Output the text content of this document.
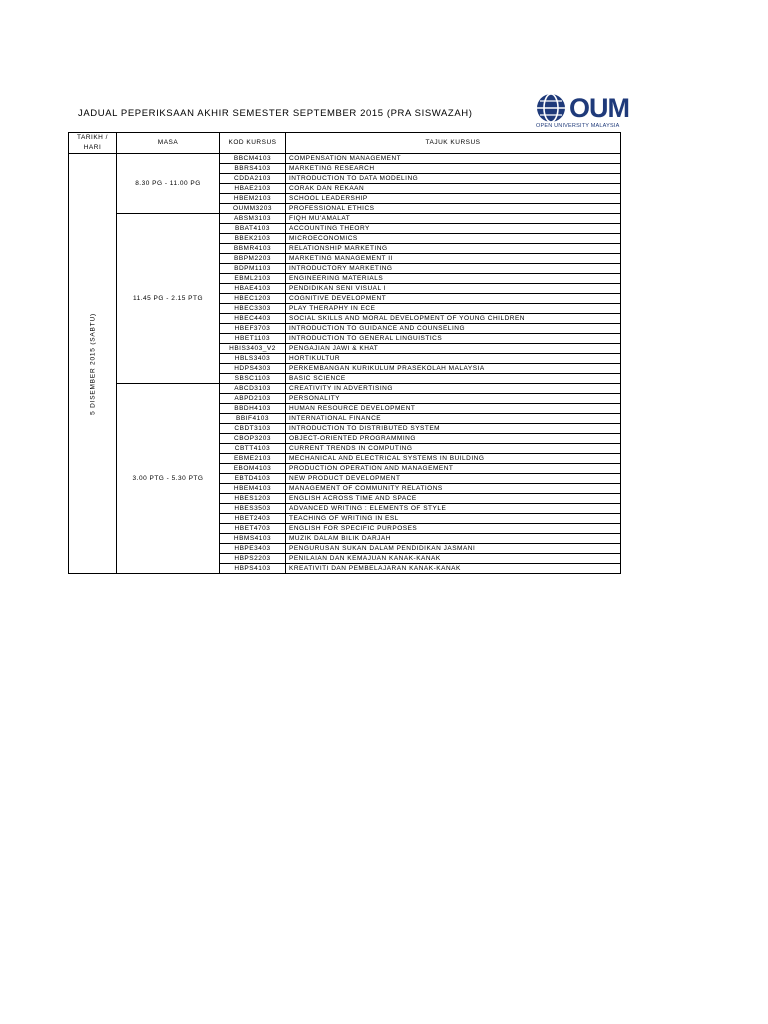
JADUAL PEPERIKSAAN AKHIR SEMESTER SEPTEMBER 2015 (PRA SISWAZAH)	OUM
OPEN UNIVERSITY MALAYSIA
TARIKH /
HARI	MASA	KOD KURSUS	TAJUK KURSUS

5 DISEMBER 2015 (SABTU)	8.30 PG - 11.00 PG	BBCM4103	COMPENSATION MANAGEMENT
		BBRS4103	MARKETING RESEARCH
		CDDA2103	INTRODUCTION TO DATA MODELING
		HBAE2103	CORAK DAN REKAAN
		HBEM2103	SCHOOL LEADERSHIP
		OUMM3203	PROFESSIONAL ETHICS
	11.45 PG - 2.15 PTG	ABSM3103	FIQH MU'AMALAT
		BBAT4103	ACCOUNTING THEORY
		BBEK2103	MICROECONOMICS
		BBMR4103	RELATIONSHIP MARKETING
		BBPM2203	MARKETING MANAGEMENT II
		BDPM1103	INTRODUCTORY MARKETING
		EBML2103	ENGINEERING MATERIALS
		HBAE4103	PENDIDIKAN SENI VISUAL I
		HBEC1203	COGNITIVE DEVELOPMENT
		HBEC3303	PLAY THERAPHY IN ECE
		HBEC4403	SOCIAL SKILLS AND MORAL DEVELOPMENT OF YOUNG CHILDREN
		HBEF3703	INTRODUCTION TO GUIDANCE AND COUNSELING
		HBET1103	INTRODUCTION TO GENERAL LINGUISTICS
		HBIS3403_V2	PENGAJIAN JAWI & KHAT
		HBLS3403	HORTIKULTUR
		HDPS4303	PERKEMBANGAN KURIKULUM PRASEKOLAH MALAYSIA
		SBSC1103	BASIC SCIENCE
	3.00 PTG - 5.30 PTG	ABCD3103	CREATIVITY IN ADVERTISING
		ABPD2103	PERSONALITY
		BBDH4103	HUMAN RESOURCE DEVELOPMENT
		BBIF4103	INTERNATIONAL FINANCE
		CBDT3103	INTRODUCTION TO DISTRIBUTED SYSTEM
		CBOP3203	OBJECT-ORIENTED PROGRAMMING
		CBTT4103	CURRENT TRENDS IN COMPUTING
		EBME2103	MECHANICAL AND ELECTRICAL SYSTEMS IN BUILDING
		EBOM4103	PRODUCTION OPERATION AND MANAGEMENT
		EBTD4103	NEW PRODUCT DEVELOPMENT
		HBEM4103	MANAGEMENT OF COMMUNITY RELATIONS
		HBES1203	ENGLISH ACROSS TIME AND SPACE
		HBES3503	ADVANCED WRITING : ELEMENTS OF STYLE
		HBET2403	TEACHING OF WRITING IN ESL
		HBET4703	ENGLISH FOR SPECIFIC PURPOSES
		HBMS4103	MUZIK DALAM BILIK DARJAH
		HBPE3403	PENGURUSAN SUKAN DALAM PENDIDIKAN JASMANI
		HBPS2203	PENILAIAN DAN KEMAJUAN KANAK-KANAK
		HBPS4103	KREATIVITI DAN PEMBELAJARAN KANAK-KANAK
